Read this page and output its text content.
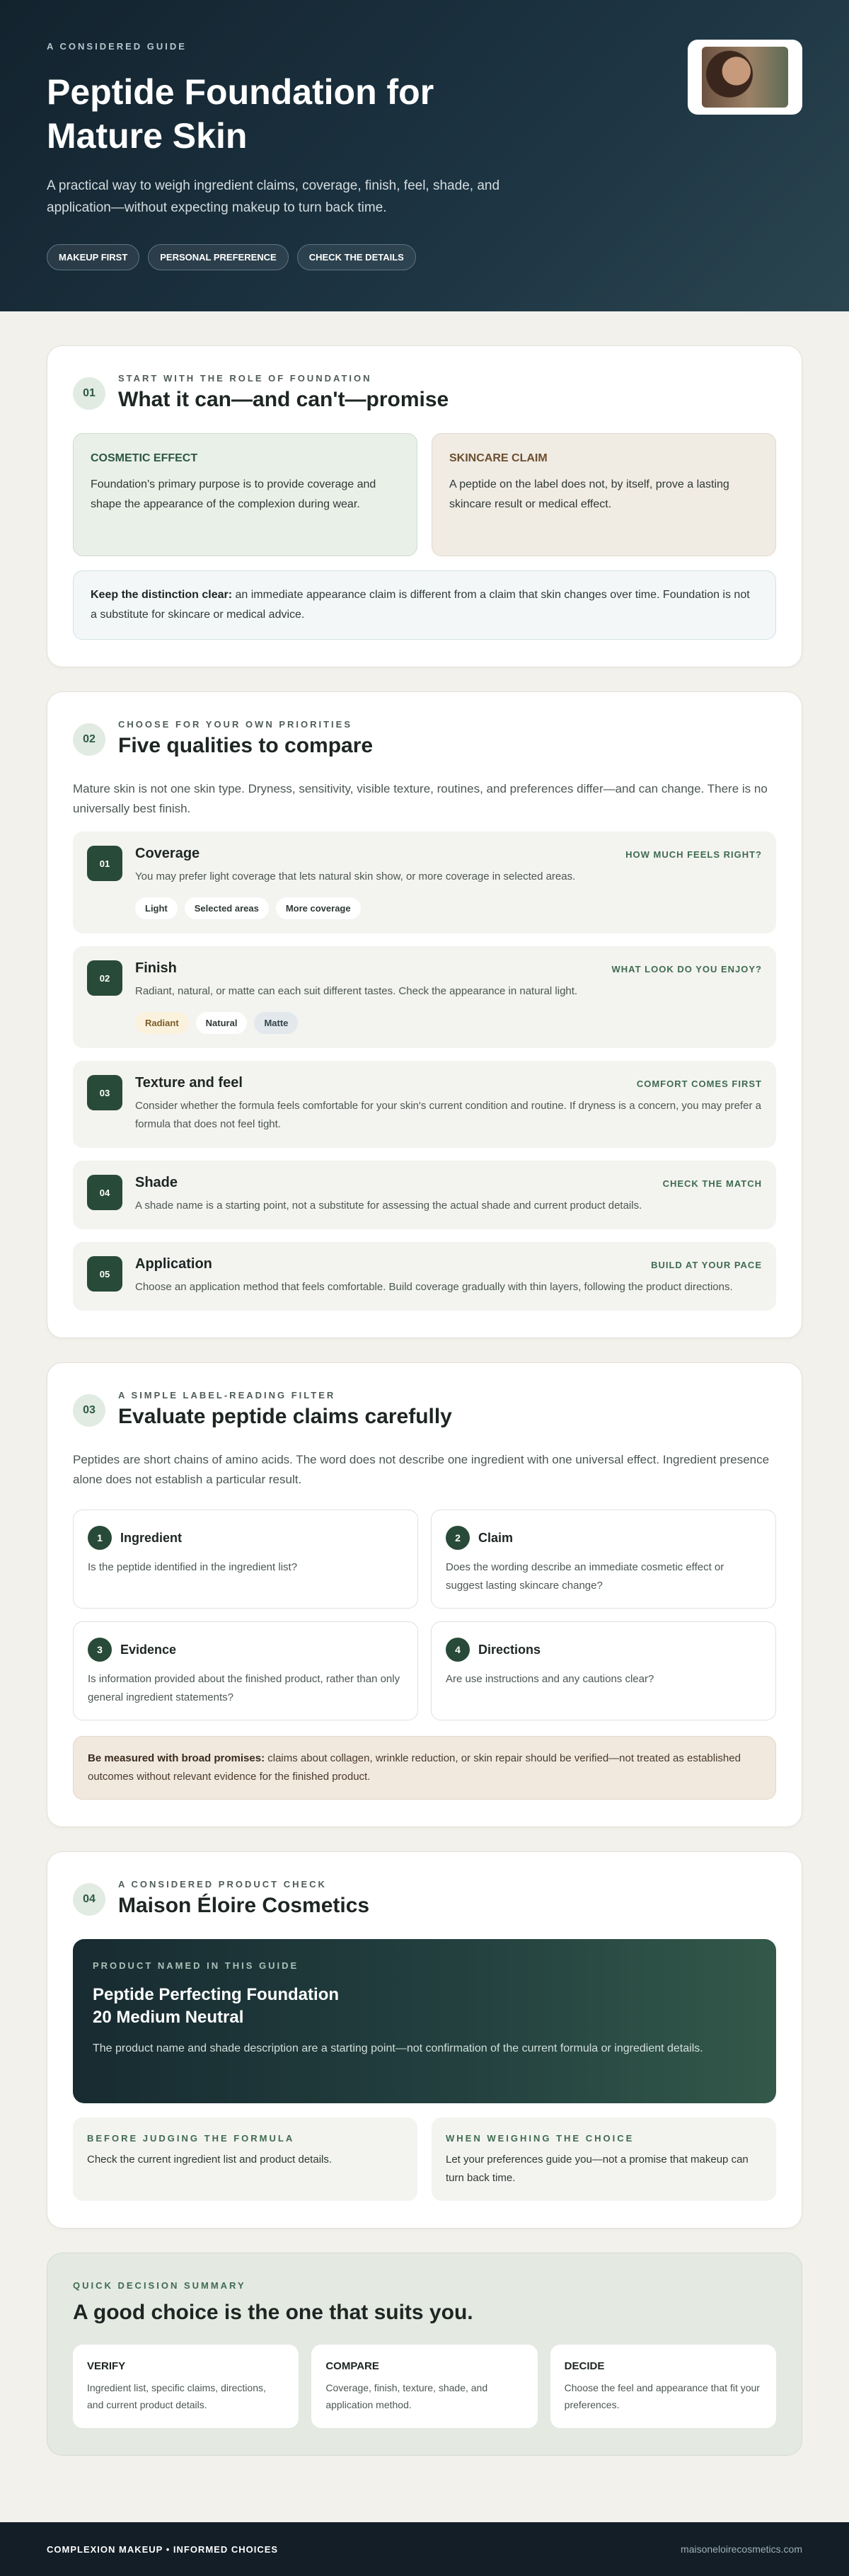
A CONSIDERED GUIDE
Peptide Foundation for Mature Skin

A practical way to weigh ingredient claims, coverage, finish, feel, shade, and application—without expecting makeup to turn back time.

MAKEUP FIRST	PERSONAL PREFERENCE	CHECK THE DETAILS
01
START WITH THE ROLE OF FOUNDATION
What it can—and can't—promise
COSMETIC EFFECT

Foundation's primary purpose is to provide coverage and shape the appearance of the complexion during wear.

SKINCARE CLAIM

A peptide on the label does not, by itself, prove a lasting skincare result or medical effect.

Keep the distinction clear: an immediate appearance claim is different from a claim that skin changes over time. Foundation is not a substitute for skincare or medical advice.
02
CHOOSE FOR YOUR OWN PRIORITIES
Five qualities to compare

Mature skin is not one skin type. Dryness, sensitivity, visible texture, routines, and preferences differ—and can change. There is no universally best finish.

01
Coverage	HOW MUCH FEELS RIGHT?

You may prefer light coverage that lets natural skin show, or more coverage in selected areas.

Light	Selected areas	More coverage
02
Finish	WHAT LOOK DO YOU ENJOY?

Radiant, natural, or matte can each suit different tastes. Check the appearance in natural light.

Radiant	Natural	Matte
03
Texture and feel	COMFORT COMES FIRST

Consider whether the formula feels comfortable for your skin's current condition and routine. If dryness is a concern, you may prefer a formula that does not feel tight.

04
Shade	CHECK THE MATCH

A shade name is a starting point, not a substitute for assessing the actual shade and current product details.

05
Application	BUILD AT YOUR PACE

Choose an application method that feels comfortable. Build coverage gradually with thin layers, following the product directions.

03
A SIMPLE LABEL-READING FILTER
Evaluate peptide claims carefully

Peptides are short chains of amino acids. The word does not describe one ingredient with one universal effect. Ingredient presence alone does not establish a particular result.

1	Ingredient

Is the peptide identified in the ingredient list?

2	Claim

Does the wording describe an immediate cosmetic effect or suggest lasting skincare change?

3	Evidence

Is information provided about the finished product, rather than only general ingredient statements?

4	Directions

Are use instructions and any cautions clear?

Be measured with broad promises: claims about collagen, wrinkle reduction, or skin repair should be verified—not treated as established outcomes without relevant evidence for the finished product.
04
A CONSIDERED PRODUCT CHECK
Maison Éloire Cosmetics
PRODUCT NAMED IN THIS GUIDE
Peptide Perfecting Foundation
20 Medium Neutral

The product name and shade description are a starting point—not confirmation of the current formula or ingredient details.

BEFORE JUDGING THE FORMULA

Check the current ingredient list and product details.

WHEN WEIGHING THE CHOICE

Let your preferences guide you—not a promise that makeup can turn back time.

QUICK DECISION SUMMARY
A good choice is the one that suits you.
VERIFY

Ingredient list, specific claims, directions, and current product details.

COMPARE

Coverage, finish, texture, shade, and application method.

DECIDE

Choose the feel and appearance that fit your preferences.

COMPLEXION MAKEUP • INFORMED CHOICES	maisoneloirecosmetics.com
